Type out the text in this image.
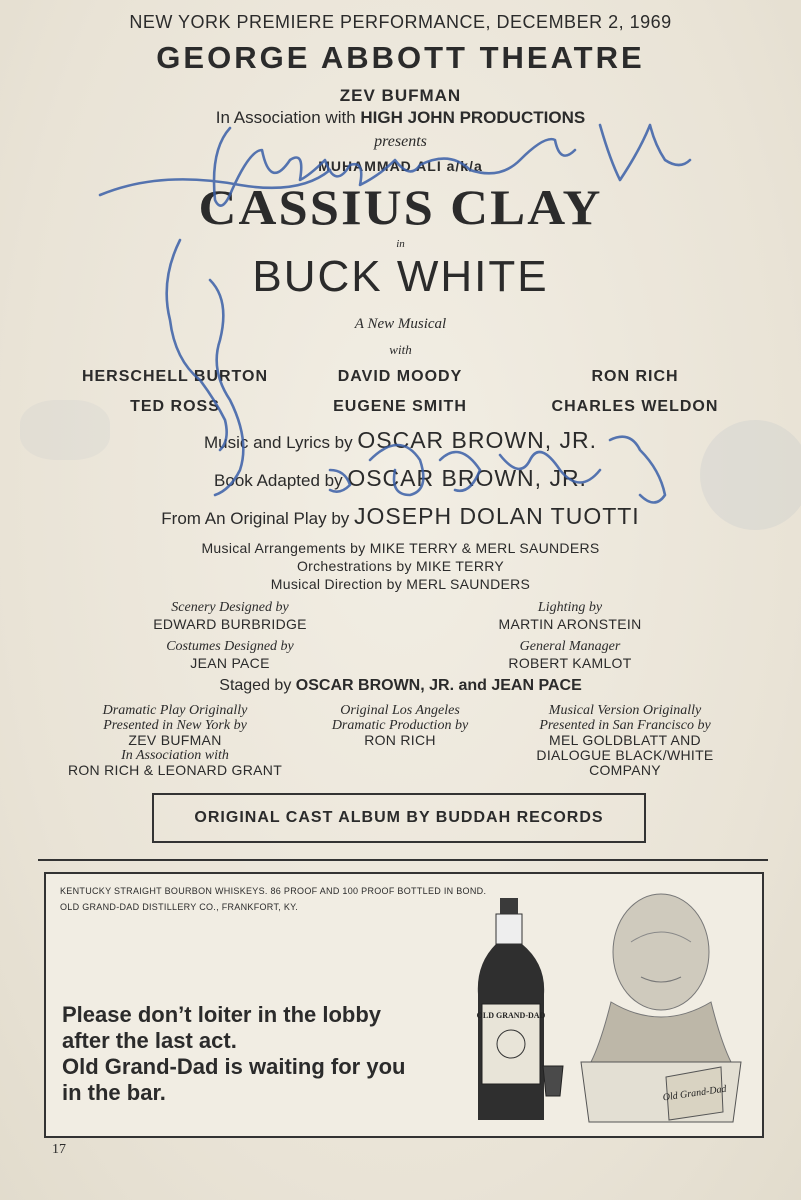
NEW YORK PREMIERE PERFORMANCE, DECEMBER 2, 1969
GEORGE ABBOTT THEATRE
ZEV BUFMAN
In Association with HIGH JOHN PRODUCTIONS
presents
MUHAMMAD ALI a/k/a
CASSIUS CLAY
in
BUCK WHITE
A New Musical
with
HERSCHELL BURTON	DAVID MOODY	RON RICH
TED ROSS	EUGENE SMITH	CHARLES WELDON
Music and Lyrics by OSCAR BROWN, JR.
Book Adapted by OSCAR BROWN, JR.
From An Original Play by JOSEPH DOLAN TUOTTI
Musical Arrangements by MIKE TERRY & MERL SAUNDERS
Orchestrations by MIKE TERRY
Musical Direction by MERL SAUNDERS
Scenery Designed by
EDWARD BURBRIDGE
Lighting by
MARTIN ARONSTEIN
Costumes Designed by
JEAN PACE
General Manager
ROBERT KAMLOT
Staged by OSCAR BROWN, JR. and JEAN PACE
Dramatic Play Originally
Presented in New York by
ZEV BUFMAN
In Association with
RON RICH & LEONARD GRANT
Original Los Angeles
Dramatic Production by
RON RICH
Musical Version Originally
Presented in San Francisco by
MEL GOLDBLATT AND
DIALOGUE BLACK/WHITE
COMPANY
ORIGINAL CAST ALBUM BY BUDDAH RECORDS
KENTUCKY STRAIGHT BOURBON WHISKEYS. 86 PROOF AND 100 PROOF BOTTLED IN BOND.
OLD GRAND-DAD DISTILLERY CO., FRANKFORT, KY.
Please don’t loiter in the lobby
after the last act.
Old Grand-Dad is waiting for you
in the bar.
OLD GRAND-DAD
Old Grand-Dad
17
